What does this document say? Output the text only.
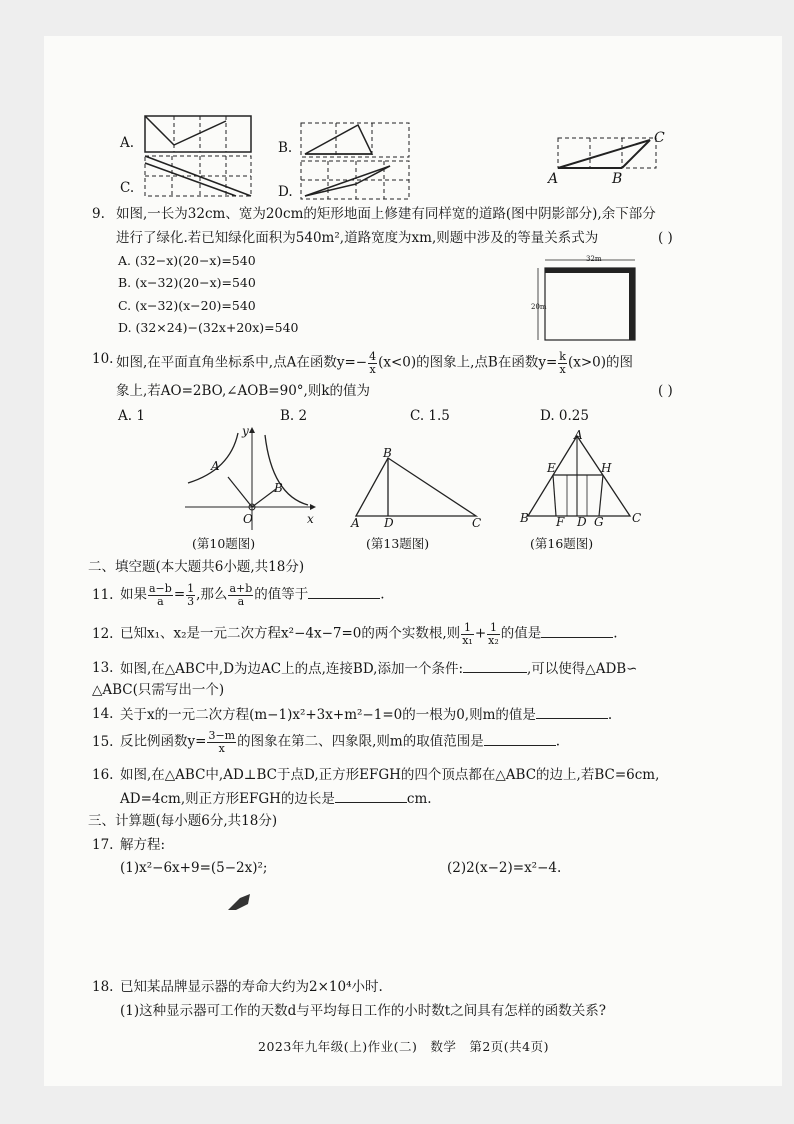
A.
C.
B.
D.
A	B
C
9. 如图,一长为32cm、宽为20cm的矩形地面上修建有同样宽的道路(图中阴影部分),余下部分
进行了绿化.若已知绿化面积为540m²,道路宽度为xm,则题中涉及的等量关系式为	( )
A. (32−x)(20−x)=540
B. (x−32)(20−x)=540
C. (x−32)(x−20)=540
D. (32×24)−(32x+20x)=540
32m
20m
10. 如图,在平面直角坐标系中,点A在函数$y=- \frac{4}{x} (x<0)$的图象上,点B在函数$y= \frac{k}{x} (x>0)$的图
象上,若AO=2BO,∠AOB=90°,则k的值为	( )
A. 1	B. 2	C. 1.5	D. 0.25
y
x
O
A
B
(第10题图)
B
A D	C
(第13题图)
A
E	H
B F D G C
(第16题图)
二、填空题(本大题共6小题,共18分)
11. 如果 $\frac{a-b}{a} = \frac{1}{3}$ ,那么 $\frac{a+b}{a}$ 的值等于	.
12. 已知x₁、x₂是一元二次方程x²−4x−7=0的两个实数根,则 $\frac{1}{\text{x₁}} + \frac{1}{\text{x₂}}$ 的值是	.
13. 如图,在△ABC中,D为边AC上的点,连接BD,添加一个条件:	,可以使得△ADB∽
△ABC(只需写出一个)
14. 关于x的一元二次方程(m−1)x²+3x+m²−1=0的一根为0,则m的值是	.
15. 反比例函数$y= \frac{3-m}{x}$ 的图象在第二、四象限,则m的取值范围是	.
16. 如图,在△ABC中,AD⊥BC于点D,正方形EFGH的四个顶点都在△ABC的边上,若BC=6cm,
AD=4cm,则正方形EFGH的边长是	cm.
三、计算题(每小题6分,共18分)
17. 解方程:
(1)x²−6x+9=(5−2x)²;	(2)2(x−2)=x²−4.
18. 已知某品牌显示器的寿命大约为2×10⁴小时.
(1)这种显示器可工作的天数d与平均每日工作的小时数t之间具有怎样的函数关系?
2023年九年级(上)作业(二)　数学　第2页(共4页)
